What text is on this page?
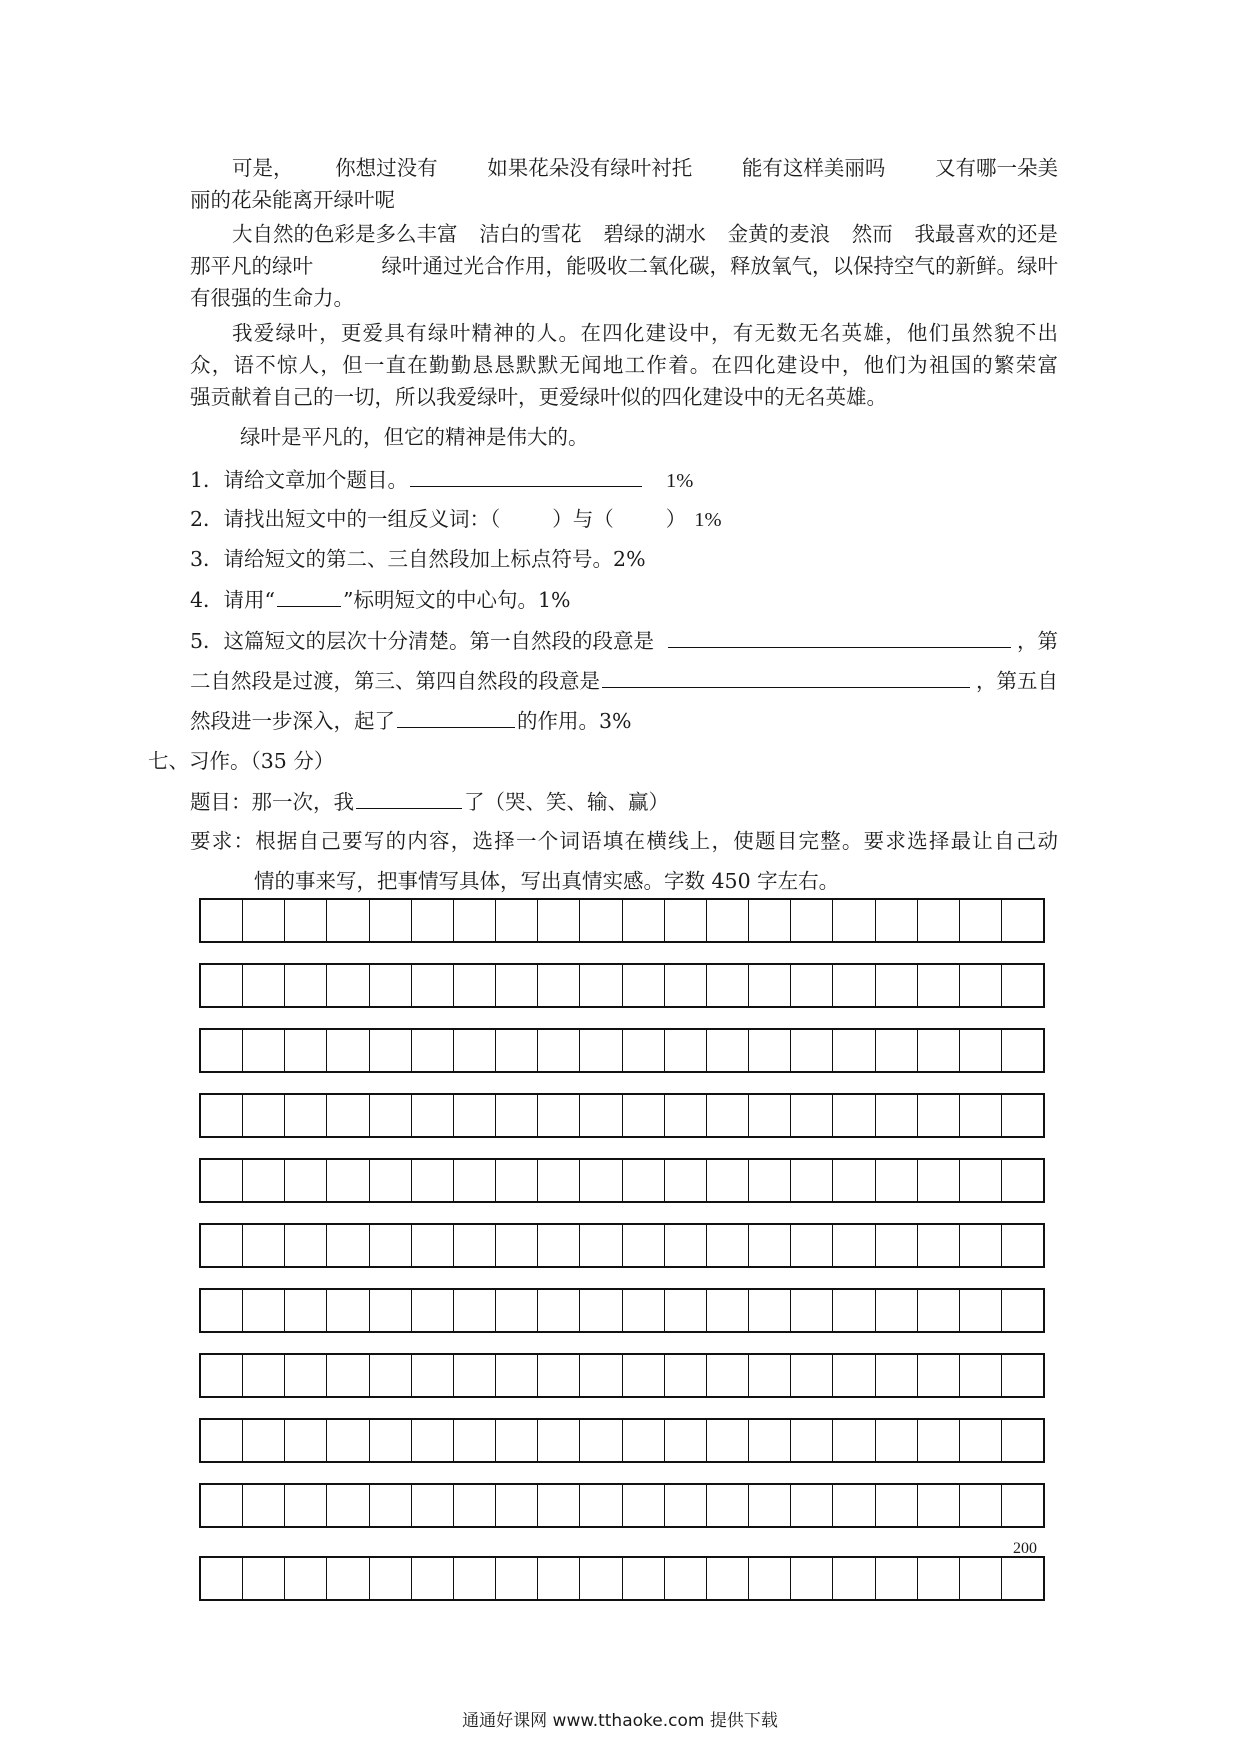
可是， 你想过没有 如果花朵没有绿叶衬托 能有这样美丽吗 又有哪一朵美
丽的花朵能离开绿叶呢
大自然的色彩是多么丰富 洁白的雪花 碧绿的湖水 金黄的麦浪 然而 我最喜欢的还是
那平凡的绿叶	绿叶通过光合作用，能吸收二氧化碳，释放氧气，以保持空气的新鲜。绿叶
有很强的生命力。
我爱绿叶，更爱具有绿叶精神的人。在四化建设中，有无数无名英雄，他们虽然貌不出
众，语不惊人，但一直在勤勤恳恳默默无闻地工作着。在四化建设中，他们为祖国的繁荣富
强贡献着自己的一切，所以我爱绿叶，更爱绿叶似的四化建设中的无名英雄。
绿叶是平凡的，但它的精神是伟大的。
1．请给文章加个题目。	1%
2．请找出短文中的一组反义词：（	）与（	） 1%
3．请给短文的第二、三自然段加上标点符号。2%
4．请用“	”标明短文的中心句。1%
5．这篇短文的层次十分清楚。第一自然段的段意是	，第
二自然段是过渡，第三、第四自然段的段意是	，第五自
然段进一步深入，起了	的作用。3%
七、习作。（35 分）
题目：那一次，我	了（哭、笑、输、赢）
要求：根据自己要写的内容，选择一个词语填在横线上，使题目完整。要求选择最让自己动
情的事来写，把事情写具体，写出真情实感。字数 450 字左右。
200
通通好课网 www.tthaoke.com 提供下载
